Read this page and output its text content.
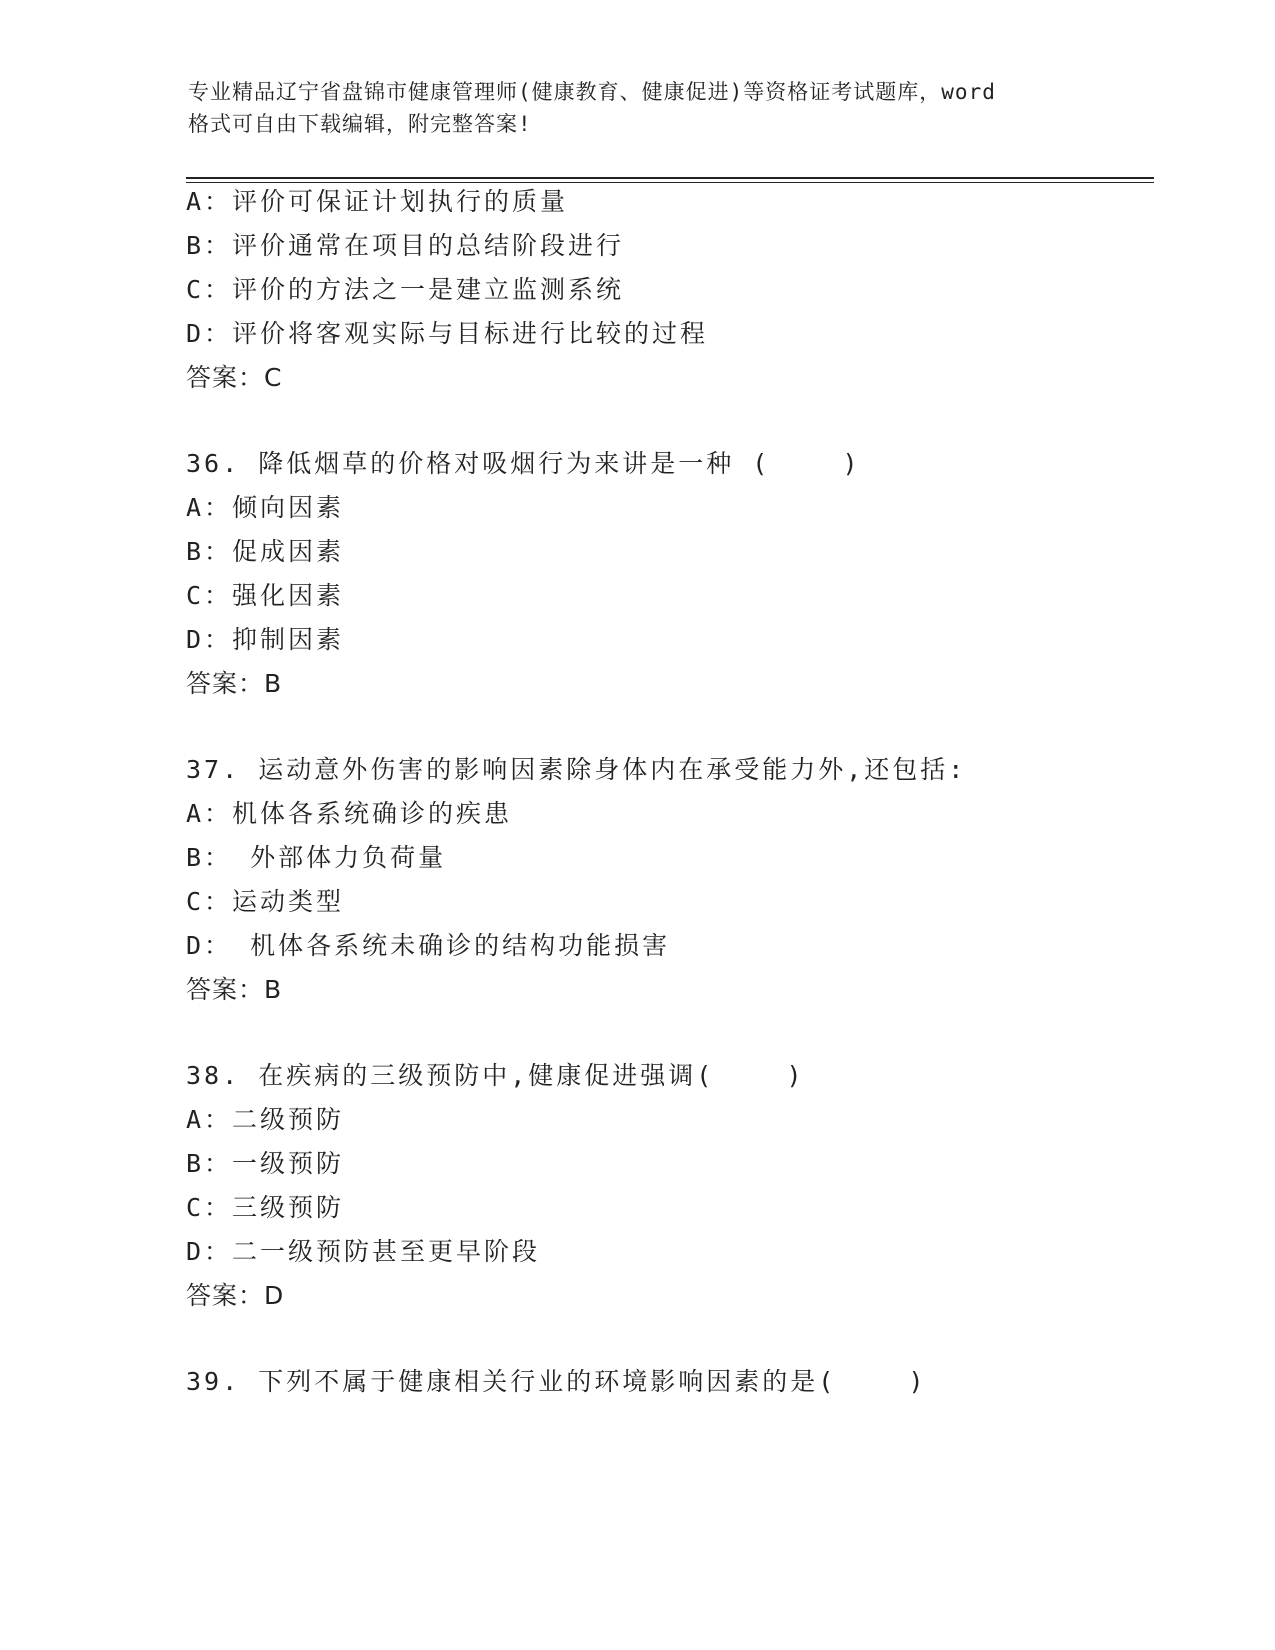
专业精品辽宁省盘锦市健康管理师(健康教育、健康促进)等资格证考试题库，word
格式可自由下载编辑，附完整答案!
A：评价可保证计划执行的质量
B：评价通常在项目的总结阶段进行
C：评价的方法之一是建立监测系统
D：评价将客观实际与目标进行比较的过程
答案：C
36. 降低烟草的价格对吸烟行为来讲是一种 (    )
A：倾向因素
B：促成因素
C：强化因素
D：抑制因素
答案：B
37. 运动意外伤害的影响因素除身体内在承受能力外,还包括:
A：机体各系统确诊的疾患
B： 外部体力负荷量
C：运动类型
D： 机体各系统未确诊的结构功能损害
答案：B
38. 在疾病的三级预防中,健康促进强调(    )
A：二级预防
B：一级预防
C：三级预防
D：二一级预防甚至更早阶段
答案：D
39. 下列不属于健康相关行业的环境影响因素的是(    )
